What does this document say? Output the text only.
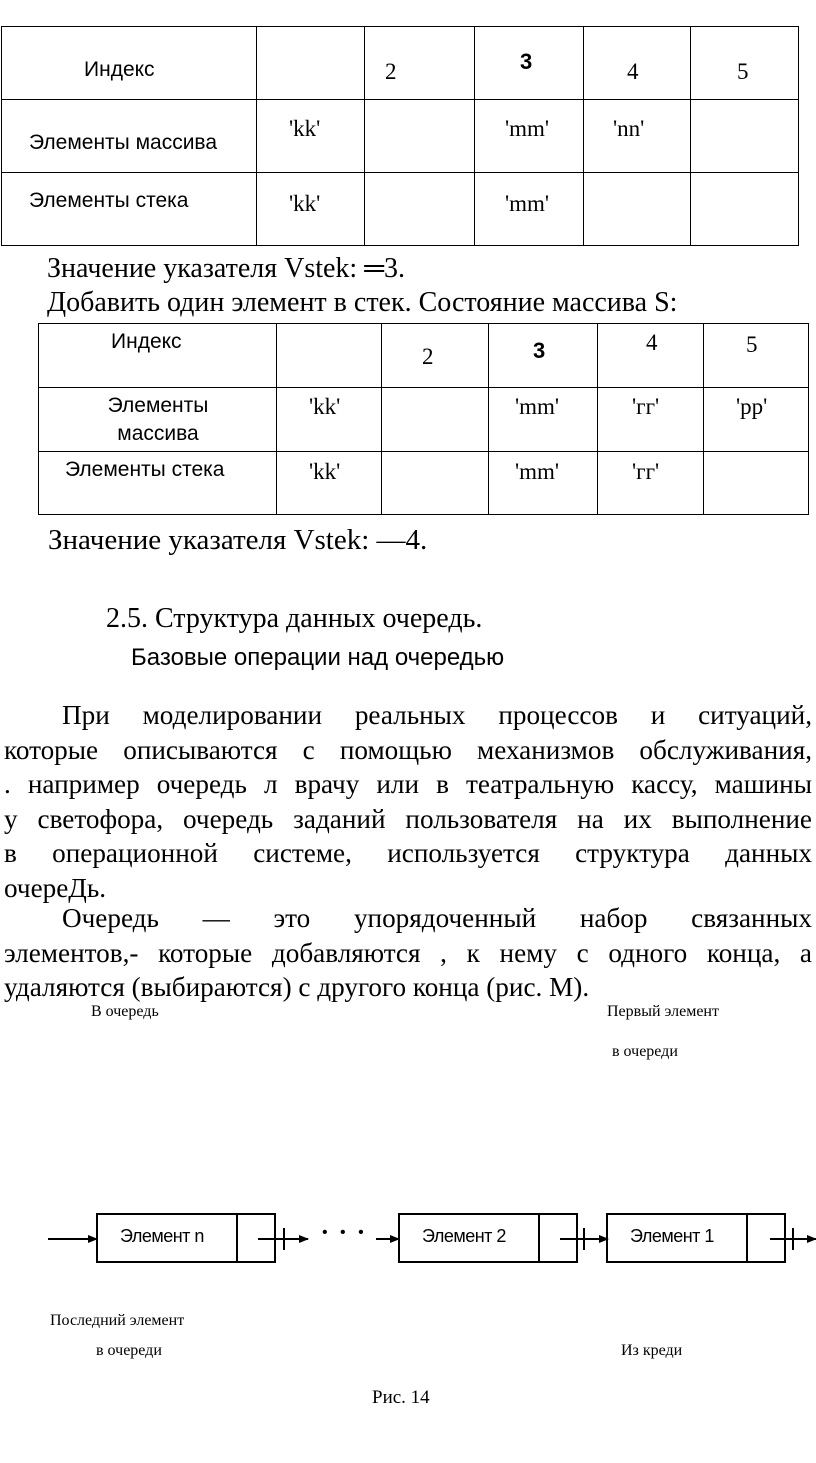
Индекс		2	3	4	5

Элементы массива	'kk'		'mm'	'nn'	

Элементы стека	'kk'		'mm'		

Значение указателя Vstek: ═3.
Добавить один элемент в стек. Состояние массива S:
Индекс		2	3	4	5

Элементы массива	'kk'		'mm'	'гг'	'pp'

Элементы стека	'kk'		'mm'	'гг'	

Значение указателя Vstek: —4.
2.5. Структура данных очередь.
Базовые операции над очередью
При моделировании реальных процессов и ситуаций,
которые описываются с помощью механизмов обслуживания,
. например очередь л врачу или в театральную кассу, машины
у светофора, очередь заданий пользователя на их выполнение
в операционной системе, используется структура данных
очереДь.
Очередь — это упорядоченный набор связанных
элементов,- которые добавляются , к нему с одного конца, а
удаляются (выбираются) с другого конца (рис. М).
В очередь	Первый элемент
в очереди
Элемент n	• • •	Элемент 2	Элемент 1
Последний элемент
в очереди	Из креди
Рис. 14
